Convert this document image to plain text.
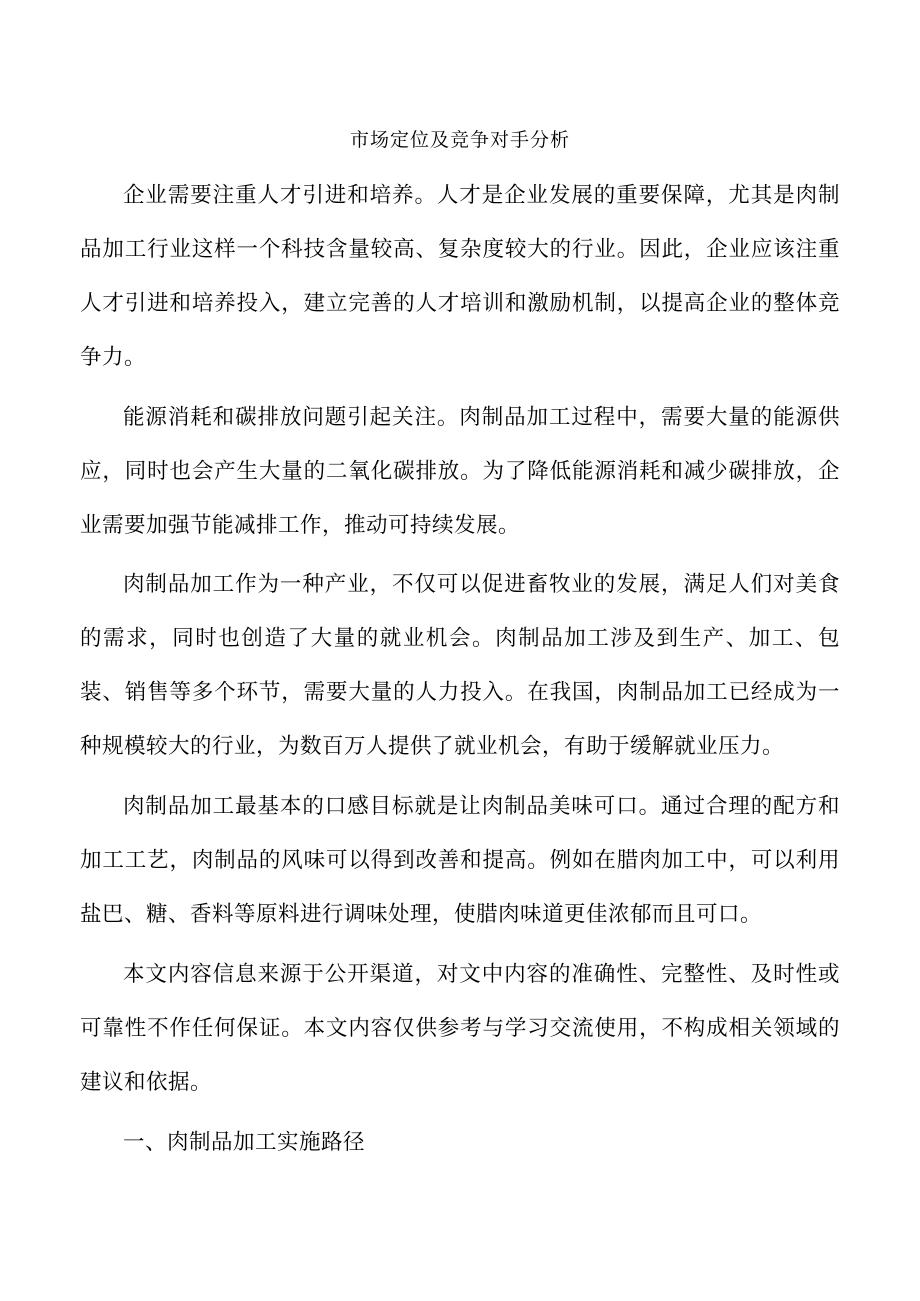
市场定位及竞争对手分析

企业需要注重人才引进和培养。人才是企业发展的重要保障，尤其是肉制品加工行业这样一个科技含量较高、复杂度较大的行业。因此，企业应该注重人才引进和培养投入，建立完善的人才培训和激励机制，以提高企业的整体竞争力。

能源消耗和碳排放问题引起关注。肉制品加工过程中，需要大量的能源供应，同时也会产生大量的二氧化碳排放。为了降低能源消耗和减少碳排放，企业需要加强节能减排工作，推动可持续发展。

肉制品加工作为一种产业，不仅可以促进畜牧业的发展，满足人们对美食的需求，同时也创造了大量的就业机会。肉制品加工涉及到生产、加工、包装、销售等多个环节，需要大量的人力投入。在我国，肉制品加工已经成为一种规模较大的行业，为数百万人提供了就业机会，有助于缓解就业压力。

肉制品加工最基本的口感目标就是让肉制品美味可口。通过合理的配方和加工工艺，肉制品的风味可以得到改善和提高。例如在腊肉加工中，可以利用盐巴、糖、香料等原料进行调味处理，使腊肉味道更佳浓郁而且可口。

本文内容信息来源于公开渠道，对文中内容的准确性、完整性、及时性或可靠性不作任何保证。本文内容仅供参考与学习交流使用，不构成相关领域的建议和依据。

一、肉制品加工实施路径
